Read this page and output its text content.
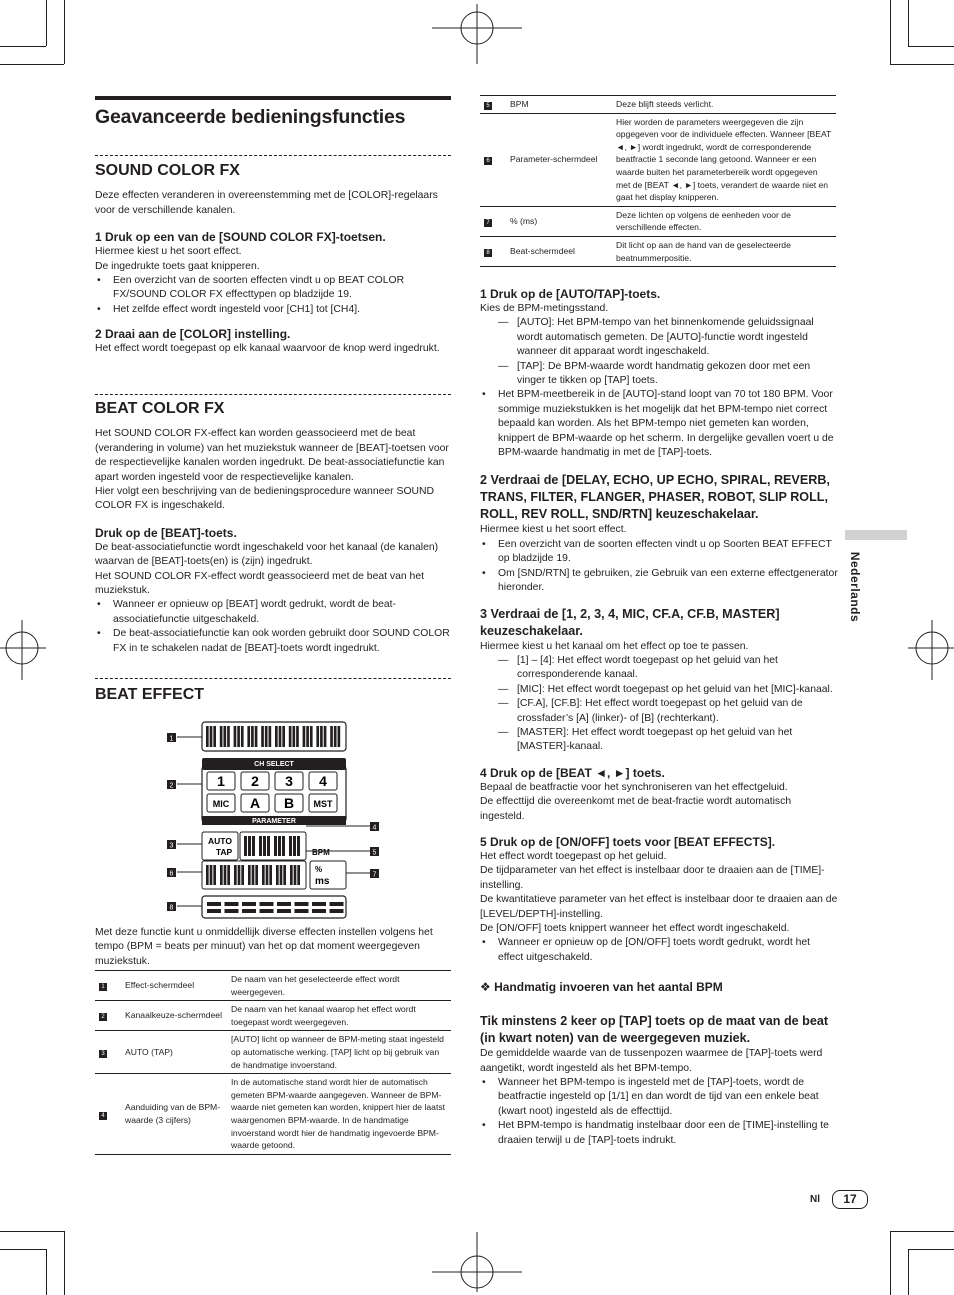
Nederlands
Geavanceerde bedieningsfuncties
SOUND COLOR FX

Deze effecten veranderen in overeenstemming met de [COLOR]-regelaars voor de verschillende kanalen.

1 Druk op een van de [SOUND COLOR FX]-toetsen.

Hiermee kiest u het soort effect.

De ingedrukte toets gaat knipperen.

• Een overzicht van de soorten effecten vindt u op BEAT COLOR FX/SOUND COLOR FX effecttypen op bladzijde 19.
• Het zelfde effect wordt ingesteld voor [CH1] tot [CH4].

2 Draai aan de [COLOR] instelling.

Het effect wordt toegepast op elk kanaal waarvoor de knop werd ingedrukt.

BEAT COLOR FX

Het SOUND COLOR FX-effect kan worden geassocieerd met de beat (verandering in volume) van het muziekstuk wanneer de [BEAT]-toetsen voor de respectievelijke kanalen worden ingedrukt. De beat-associatiefunctie kan apart worden ingesteld voor de respectievelijke kanalen.

Hier volgt een beschrijving van de bedieningsprocedure wanneer SOUND COLOR FX is ingeschakeld.

Druk op de [BEAT]-toets.

De beat-associatiefunctie wordt ingeschakeld voor het kanaal (de kanalen) waarvan de [BEAT]-toets(en) is (zijn) ingedrukt.

Het SOUND COLOR FX-effect wordt geassocieerd met de beat van het muziekstuk.

• Wanneer er opnieuw op [BEAT] wordt gedrukt, wordt de beat-associatiefunctie uitgeschakeld.
• De beat-associatiefunctie kan ook worden gebruikt door SOUND COLOR FX in te schakelen nadat de [BEAT]-toets wordt ingedrukt.
BEAT EFFECT
CH SELECT
1 2 3 4
MIC A B MST
PARAMETER
AUTO
TAP	BPM
%
ms
1
2
3
6
8
4
5
7

Met deze functie kunt u onmiddellijk diverse effecten instellen volgens het tempo (BPM = beats per minuut) van het op dat moment weergegeven muziekstuk.

1	Effect-schermdeel	De naam van het geselecteerde effect wordt weergegeven.
2	Kanaalkeuze-schermdeel	De naam van het kanaal waarop het effect wordt toegepast wordt weergegeven.
3	AUTO (TAP)	[AUTO] licht op wanneer de BPM-meting staat ingesteld op automatische werking. [TAP] licht op bij gebruik van de handmatige invoerstand.
4	Aanduiding van de BPM-waarde (3 cijfers)	In de automatische stand wordt hier de automatisch gemeten BPM-waarde aangegeven. Wanneer de BPM-waarde niet gemeten kan worden, knippert hier de laatst waargenomen BPM-waarde. In de handmatige invoerstand wordt hier de handmatig ingevoerde BPM-waarde getoond.
5	BPM	Deze blijft steeds verlicht.
6	Parameter-schermdeel	Hier worden de parameters weergegeven die zijn opgegeven voor de individuele effecten. Wanneer [BEAT ◄, ►] wordt ingedrukt, wordt de corresponderende beatfractie 1 seconde lang getoond. Wanneer er een waarde buiten het parameterbereik wordt opgegeven met de [BEAT ◄, ►] toets, verandert de waarde niet en gaat het display knipperen.
7	% (ms)	Deze lichten op volgens de eenheden voor de verschillende effecten.
8	Beat-schermdeel	Dit licht op aan de hand van de geselecteerde beatnummerpositie.

1 Druk op de [AUTO/TAP]-toets.

Kies de BPM-metingsstand.

— [AUTO]: Het BPM-tempo van het binnenkomende geluidssignaal wordt automatisch gemeten. De [AUTO]-functie wordt ingesteld wanneer dit apparaat wordt ingeschakeld.
— [TAP]: De BPM-waarde wordt handmatig gekozen door met een vinger te tikken op [TAP] toets.
• Het BPM-meetbereik in de [AUTO]-stand loopt van 70 tot 180 BPM. Voor sommige muziekstukken is het mogelijk dat het BPM-tempo niet correct bepaald kan worden. Als het BPM-tempo niet gemeten kan worden, knippert de BPM-waarde op het scherm. In dergelijke gevallen voert u de BPM-waarde handmatig in met de [TAP]-toets.

2 Verdraai de [DELAY, ECHO, UP ECHO, SPIRAL, REVERB, TRANS, FILTER, FLANGER, PHASER, ROBOT, SLIP ROLL, ROLL, REV ROLL, SND/RTN] keuzeschakelaar.

Hiermee kiest u het soort effect.

• Een overzicht van de soorten effecten vindt u op Soorten BEAT EFFECT op bladzijde 19.
• Om [SND/RTN] te gebruiken, zie Gebruik van een externe effectgenerator hieronder.

3 Verdraai de [1, 2, 3, 4, MIC, CF.A, CF.B, MASTER] keuzeschakelaar.

Hiermee kiest u het kanaal om het effect op toe te passen.

— [1] – [4]: Het effect wordt toegepast op het geluid van het corresponderende kanaal.
— [MIC]: Het effect wordt toegepast op het geluid van het [MIC]-kanaal.
— [CF.A], [CF.B]: Het effect wordt toegepast op het geluid van de crossfader’s [A] (linker)- of [B] (rechterkant).
— [MASTER]: Het effect wordt toegepast op het geluid van het [MASTER]-kanaal.

4 Druk op de [BEAT ◄, ►] toets.

Bepaal de beatfractie voor het synchroniseren van het effectgeluid.

De effecttijd die overeenkomt met de beat-fractie wordt automatisch ingesteld.

5 Druk op de [ON/OFF] toets voor [BEAT EFFECTS].

Het effect wordt toegepast op het geluid.

De tijdparameter van het effect is instelbaar door te draaien aan de [TIME]-instelling.

De kwantitatieve parameter van het effect is instelbaar door te draaien aan de [LEVEL/DEPTH]-instelling.

De [ON/OFF] toets knippert wanneer het effect wordt ingeschakeld.

• Wanneer er opnieuw op de [ON/OFF] toets wordt gedrukt, wordt het effect uitgeschakeld.

❖ Handmatig invoeren van het aantal BPM

Tik minstens 2 keer op [TAP] toets op de maat van de beat (in kwart noten) van de weergegeven muziek.

De gemiddelde waarde van de tussenpozen waarmee de [TAP]-toets werd aangetikt, wordt ingesteld als het BPM-tempo.

• Wanneer het BPM-tempo is ingesteld met de [TAP]-toets, wordt de beatfractie ingesteld op [1/1] en dan wordt de tijd van een enkele beat (kwart noot) ingesteld als de effecttijd.
• Het BPM-tempo is handmatig instelbaar door een de [TIME]-instelling te draaien terwijl u de [TAP]-toets indrukt.
Nl	17
